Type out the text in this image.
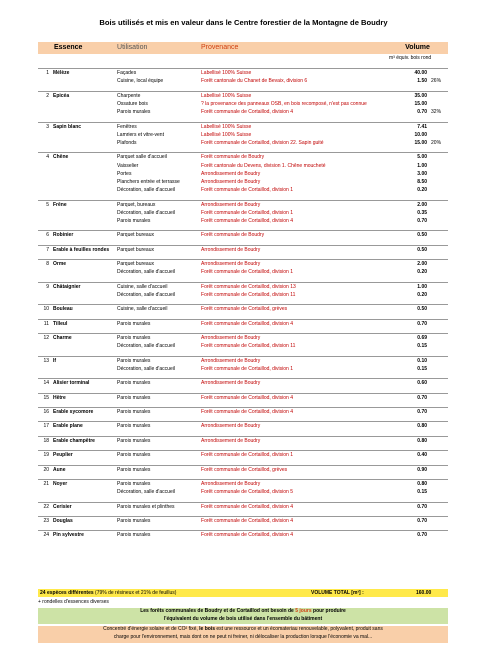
Bois utilisés et mis en valeur dans le Centre forestier de la Montagne de Boudry
Essence		Utilisation	Provenance	Volume	
				m³ équiv. bois rond	

1	Mélèze	Façades	Labellisé 100% Suisse	40.00	
		Cuisine, local équipe	Forêt cantonale du Chanet de Bevaix, division 6	1.50	26%

2	Epicéa	Charpente	Labellisé 100% Suisse	35.00	
		Ossature bois	? la provenance des panneaux OSB, en bois recomposé, n'est pas connue	15.00	
		Parois murales	Forêt communale de Cortaillod, division 4	0.70	32%

3	Sapin blanc	Fenêtres	Labellisé 100% Suisse	7.41	
		Lamriers et vitre-vent	Labellisé 100% Suisse	10.00	
		Plafonds	Forêt communale de Cortaillod, division 22. Sapin guité	15.00	20%

4	Chêne	Parquet salle d'accueil	Forêt communale de Boudry	5.00	
		Vaisselier	Forêt cantonale du Devens, division 1. Chêne moucheté	1.00	
		Portes	Arrondissement de Boudry	3.00	
		Planchers entrée et terrasse	Arrondissement de Boudry	8.50	
		Décoration, salle d'accueil	Forêt communale de Cortaillod, division 1	0.20	

5	Frêne	Parquet, bureaux	Arrondissement de Boudry	2.00	
		Décoration, salle d'accueil	Forêt communale de Cortaillod, division 1	0.35	
		Parois murales	Forêt communale de Cortaillod, division 4	0.70	

6	Robinier	Parquet bureaux	Forêt communale de Boudry	0.50	

7	Erable à feuilles rondes	Parquet bureaux	Arrondissement de Boudry	0.50	

8	Orme	Parquet bureaux	Arrondissement de Boudry	2.00	
		Décoration, salle d'accueil	Forêt communale de Cortaillod, division 1	0.20	

9	Châtaignier	Cuisine, salle d'accueil	Forêt communale de Cortaillod, division 13	1.00	
		Décoration, salle d'accueil	Forêt communale de Cortaillod, division 11	0.20	

10	Bouleau	Cuisine, salle d'accueil	Forêt communale de Cortaillod, grèves	0.50	

11	Tilleul	Parois murales	Forêt communale de Cortaillod, division 4	0.70	

12	Charme	Parois murales	Arrondissement de Boudry	0.69	
		Décoration, salle d'accueil	Forêt communale de Cortaillod, division 11	0.15	

13	If	Parois murales	Arrondissement de Boudry	0.10	
		Décoration, salle d'accueil	Forêt communale de Cortaillod, division 1	0.15	

14	Alisier torminal	Parois murales	Arrondissement de Boudry	0.60	

15	Hêtre	Parois murales	Forêt communale de Cortaillod, division 4	0.70	

16	Erable sycomore	Parois murales	Forêt communale de Cortaillod, division 4	0.70	

17	Erable plane	Parois murales	Arrondissement de Boudry	0.80	

18	Erable champêtre	Parois murales	Arrondissement de Boudry	0.80	

19	Peuplier	Parois murales	Forêt communale de Cortaillod, division 1	0.40	

20	Aune	Parois murales	Forêt communale de Cortaillod, grèves	0.90	

21	Noyer	Parois murales	Arrondissement de Boudry	0.80	
		Décoration, salle d'accueil	Forêt communale de Cortaillod, division 5	0.15	

22	Cerisier	Parois murales et plinthes	Forêt communale de Cortaillod, division 4	0.70	

23	Douglas	Parois murales	Forêt communale de Cortaillod, division 4	0.70	

24	Pin sylvestre	Parois murales	Forêt communale de Cortaillod, division 4	0.70	
24 espèces différentes (79% de résineux et 21% de feuillus)	VOLUME TOTAL [m³] :	160.00
+ rondelles d'essences diverses
Les forêts communales de Boudry et de Cortaillod ont besoin de 5 jours pour produire
l'équivalent du volume de bois utilisé dans l'ensemble du bâtiment
Concentré d'énergie solaire et de CO² fixé, le bois est une ressource et un écomateriau renouvelable, polyvalent, produit sans
charge pour l'environnement, mais dont on ne peut ni freiner, ni délocaliser la production lorsque l'économie va mal...
